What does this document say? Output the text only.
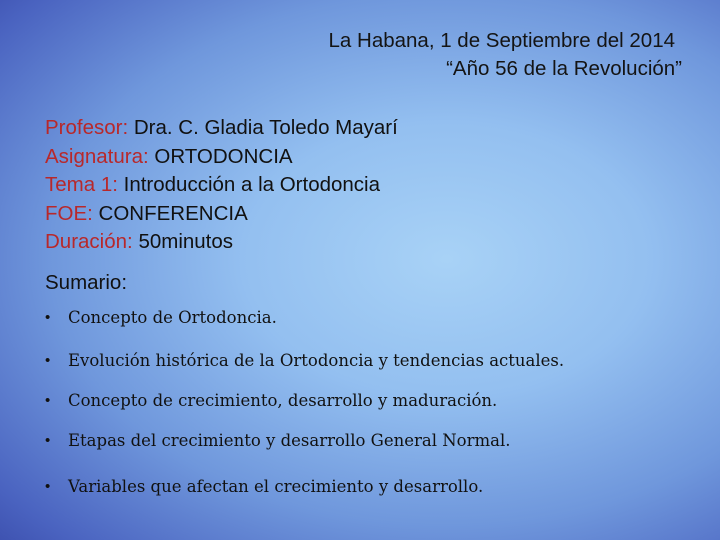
La Habana, 1 de Septiembre del 2014
“Año 56 de la Revolución”
Profesor: Dra. C. Gladia Toledo Mayarí
Asignatura: ORTODONCIA
Tema 1: Introducción a la Ortodoncia
FOE: CONFERENCIA
Duración: 50minutos
Sumario:
• Concepto de Ortodoncia.
• Evolución histórica de la Ortodoncia y tendencias actuales.
• Concepto de crecimiento, desarrollo y maduración.
• Etapas del crecimiento y desarrollo General Normal.
• Variables que afectan el crecimiento y desarrollo.
